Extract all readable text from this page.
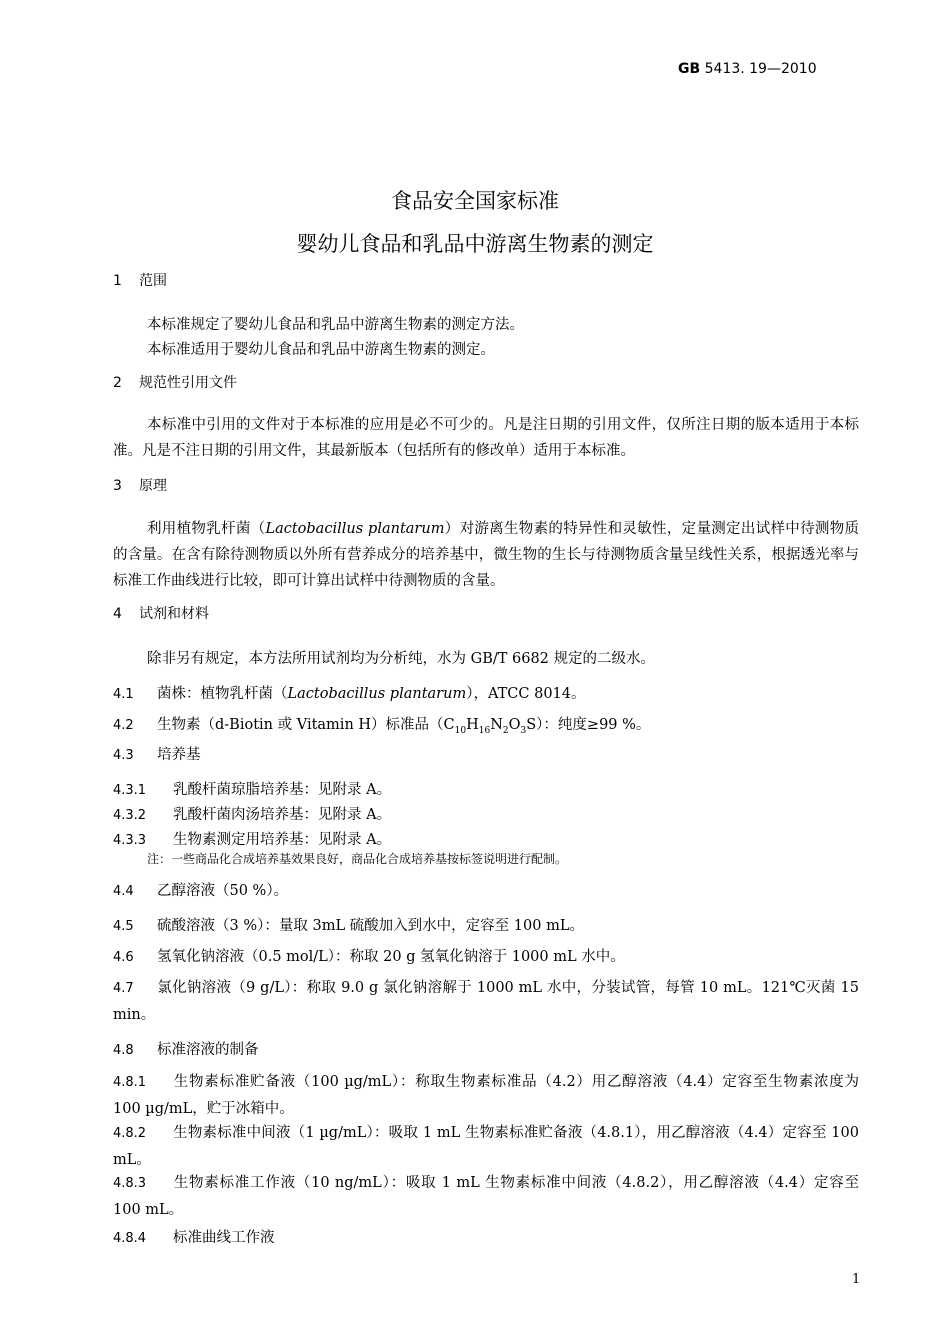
GB 5413. 19—2010
食品安全国家标准
婴幼儿食品和乳品中游离生物素的测定
1 范围
本标准规定了婴幼儿食品和乳品中游离生物素的测定方法。
本标准适用于婴幼儿食品和乳品中游离生物素的测定。
2 规范性引用文件
本标准中引用的文件对于本标准的应用是必不可少的。凡是注日期的引用文件，仅所注日期的版本适用于本标准。凡是不注日期的引用文件，其最新版本（包括所有的修改单）适用于本标准。
3 原理
利用植物乳杆菌（Lactobacillus plantarum）对游离生物素的特异性和灵敏性，定量测定出试样中待测物质的含量。在含有除待测物质以外所有营养成分的培养基中，微生物的生长与待测物质含量呈线性关系，根据透光率与标准工作曲线进行比较，即可计算出试样中待测物质的含量。
4 试剂和材料
除非另有规定，本方法所用试剂均为分析纯，水为 GB/T 6682 规定的二级水。
4.1 菌株：植物乳杆菌（Lactobacillus plantarum），ATCC 8014。
4.2 生物素（d-Biotin 或 Vitamin H）标准品$(C_{10}H_{16}N_2O_3S)$：纯度≥99 %。
4.3 培养基
4.3.1 乳酸杆菌琼脂培养基：见附录 A。
4.3.2 乳酸杆菌肉汤培养基：见附录 A。
4.3.3 生物素测定用培养基：见附录 A。
注：一些商品化合成培养基效果良好，商品化合成培养基按标签说明进行配制。
4.4 乙醇溶液（50 %）。
4.5 硫酸溶液（3 %）：量取 3mL 硫酸加入到水中，定容至 100 mL。
4.6 氢氧化钠溶液（0.5 mol/L）：称取 20 g 氢氧化钠溶于 1000 mL 水中。
4.7 氯化钠溶液（9 g/L）：称取 9.0 g 氯化钠溶解于 1000 mL 水中，分装试管，每管 10 mL。121℃灭菌 15 min。
4.8 标准溶液的制备
4.8.1 生物素标准贮备液（100 µg/mL）：称取生物素标准品（4.2）用乙醇溶液（4.4）定容至生物素浓度为 100 µg/mL，贮于冰箱中。
4.8.2 生物素标准中间液（1 µg/mL）：吸取 1 mL 生物素标准贮备液（4.8.1），用乙醇溶液（4.4）定容至 100 mL。
4.8.3 生物素标准工作液（10 ng/mL）：吸取 1 mL 生物素标准中间液（4.8.2），用乙醇溶液（4.4）定容至 100 mL。
4.8.4 标准曲线工作液
1
